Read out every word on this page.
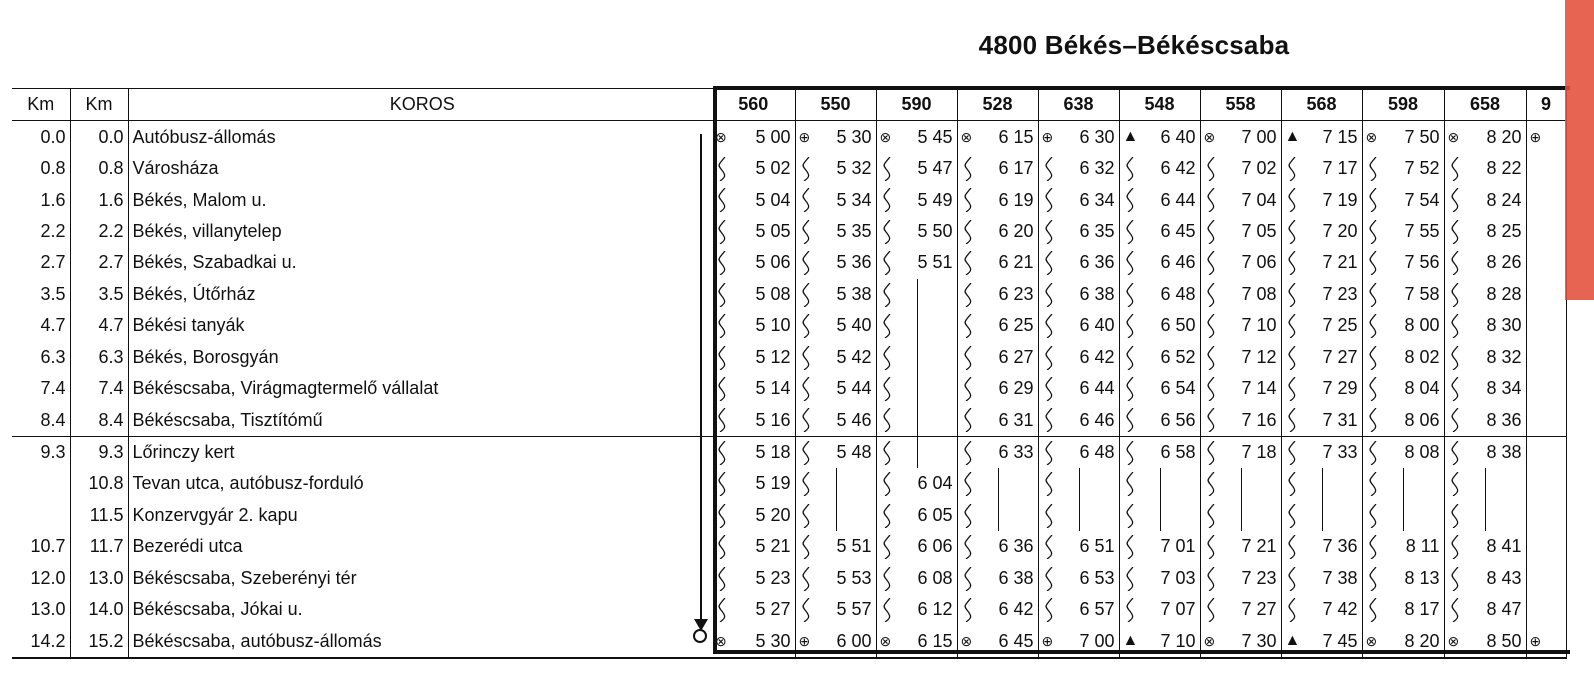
4800 Békés–Békéscsaba
Km	Km	KOROS	560	550	590	528	638	548	558	568	598	658	9
0.0	0.0	Autóbusz-állomás	⊗ 5 00	⊕ 5 30	⊗ 5 45	⊗ 6 15	⊕ 6 30	▲ 6 40	⊗ 7 00	▲ 7 15	⊗ 7 50	⊗ 8 20	⊕

0.8	0.8	Városháza	5 02	5 32	5 47	6 17	6 32	6 42	7 02	7 17	7 52	8 22	
1.6	1.6	Békés, Malom u.	5 04	5 34	5 49	6 19	6 34	6 44	7 04	7 19	7 54	8 24	
2.2	2.2	Békés, villanytelep	5 05	5 35	5 50	6 20	6 35	6 45	7 05	7 20	7 55	8 25	
2.7	2.7	Békés, Szabadkai u.	5 06	5 36	5 51	6 21	6 36	6 46	7 06	7 21	7 56	8 26	
3.5	3.5	Békés, Útőrház	5 08	5 38		6 23	6 38	6 48	7 08	7 23	7 58	8 28	
4.7	4.7	Békési tanyák	5 10	5 40		6 25	6 40	6 50	7 10	7 25	8 00	8 30	
6.3	6.3	Békés, Borosgyán	5 12	5 42		6 27	6 42	6 52	7 12	7 27	8 02	8 32	
7.4	7.4	Békéscsaba, Virágmagtermelő vállalat	5 14	5 44		6 29	6 44	6 54	7 14	7 29	8 04	8 34	
8.4	8.4	Békéscsaba, Tisztítómű	5 16	5 46		6 31	6 46	6 56	7 16	7 31	8 06	8 36	
9.3	9.3	Lőrinczy kert	5 18	5 48		6 33	6 48	6 58	7 18	7 33	8 08	8 38	
	10.8	Tevan utca, autóbusz-forduló	5 19		6 04	

	11.5	Konzervgyár 2. kapu	5 20		6 05	

10.7	11.7	Bezerédi utca	5 21	5 51	6 06	6 36	6 51	7 01	7 21	7 36	8 11	8 41	
12.0	13.0	Békéscsaba, Szeberényi tér	5 23	5 53	6 08	6 38	6 53	7 03	7 23	7 38	8 13	8 43	
13.0	14.0	Békéscsaba, Jókai u.	5 27	5 57	6 12	6 42	6 57	7 07	7 27	7 42	8 17	8 47	
14.2	15.2	Békéscsaba, autóbusz-állomás	⊗ 5 30	⊕ 6 00	⊗ 6 15	⊗ 6 45	⊕ 7 00	▲ 7 10	⊗ 7 30	▲ 7 45	⊗ 8 20	⊗ 8 50	⊕
